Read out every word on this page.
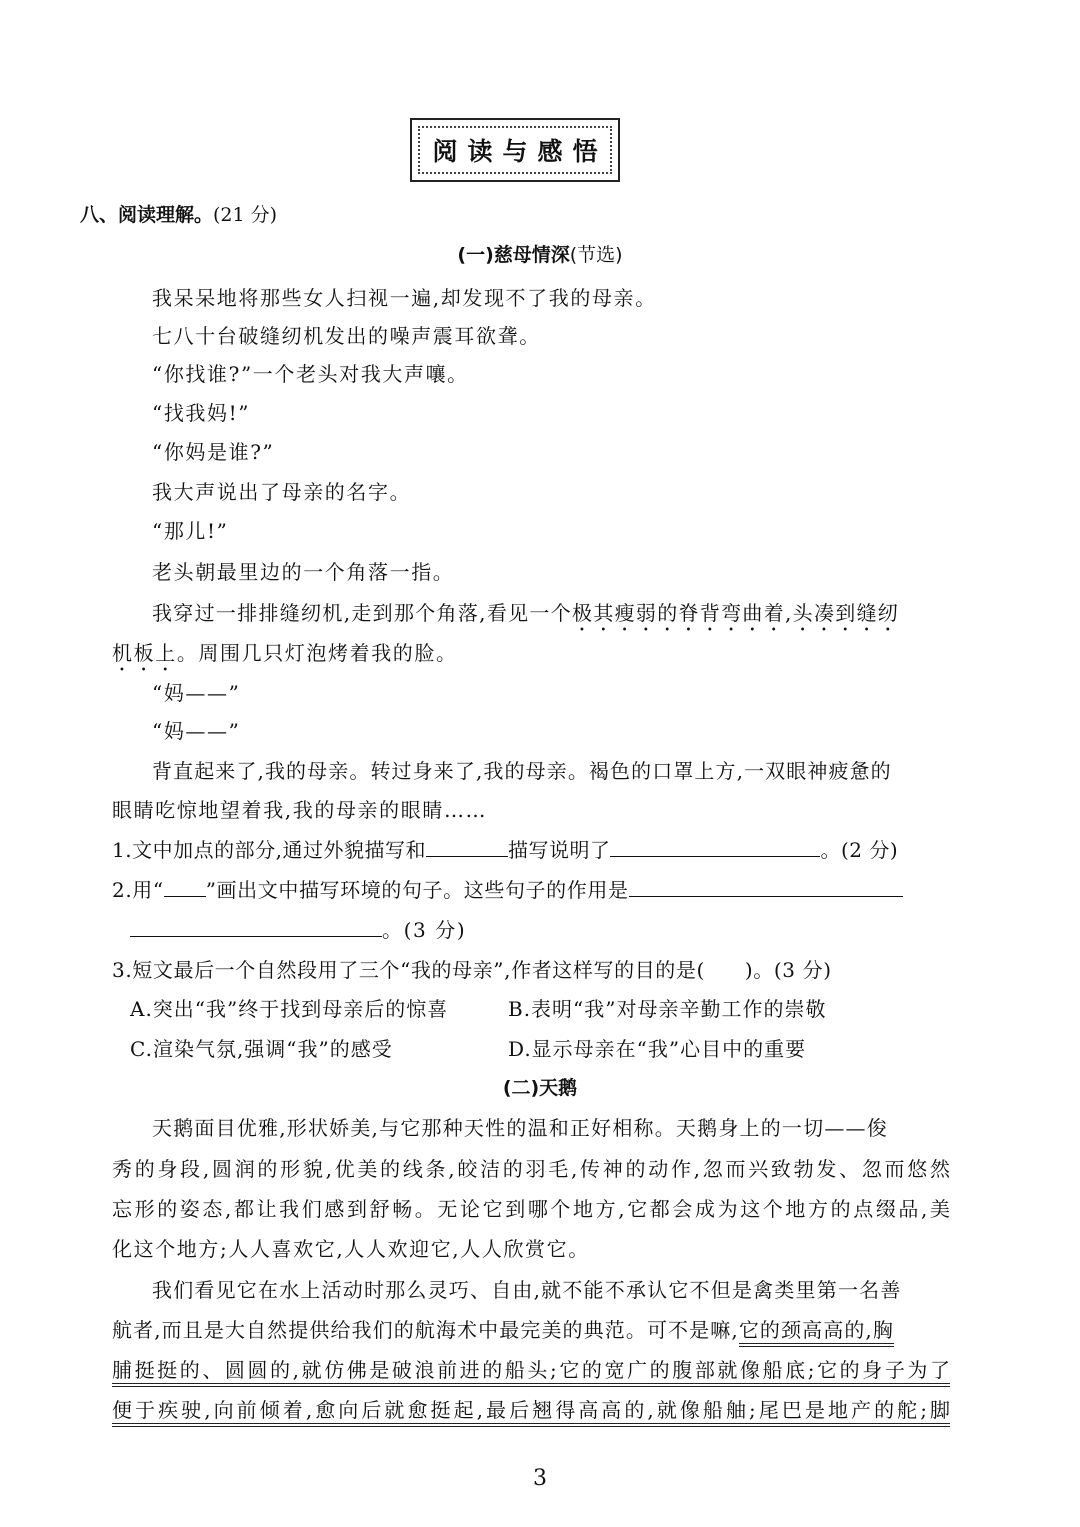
阅读与感悟
八、阅读理解。(21 分)
(一)慈母情深(节选)
我呆呆地将那些女人扫视一遍,却发现不了我的母亲。
七八十台破缝纫机发出的噪声震耳欲聋。
“你找谁?”一个老头对我大声嚷。
“找我妈!”
“你妈是谁?”
我大声说出了母亲的名字。
“那儿!”
老头朝最里边的一个角落一指。
我穿过一排排缝纫机,走到那个角落,看见一个极其瘦弱的脊背弯曲着,头凑到缝纫
机板上。周围几只灯泡烤着我的脸。
“妈——”
“妈——”
背直起来了,我的母亲。转过身来了,我的母亲。褐色的口罩上方,一双眼神疲惫的
眼睛吃惊地望着我,我的母亲的眼睛……
1.文中加点的部分,通过外貌描写和	描写说明了	。(2 分)
2.用“ ”画出文中描写环境的句子。这些句子的作用是
。(3 分)
3.短文最后一个自然段用了三个“我的母亲”,作者这样写的目的是( )。(3 分)
A.突出“我”终于找到母亲后的惊喜	B.表明“我”对母亲辛勤工作的崇敬
C.渲染气氛,强调“我”的感受	D.显示母亲在“我”心目中的重要
(二)天鹅
天鹅面目优雅,形状娇美,与它那种天性的温和正好相称。天鹅身上的一切——俊
秀的身段,圆润的形貌,优美的线条,皎洁的羽毛,传神的动作,忽而兴致勃发、忽而悠然
忘形的姿态,都让我们感到舒畅。无论它到哪个地方,它都会成为这个地方的点缀品,美
化这个地方;人人喜欢它,人人欢迎它,人人欣赏它。
我们看见它在水上活动时那么灵巧、自由,就不能不承认它不但是禽类里第一名善
航者,而且是大自然提供给我们的航海术中最完美的典范。可不是嘛,它的颈高高的,胸
脯挺挺的、圆圆的,就仿佛是破浪前进的船头;它的宽广的腹部就像船底;它的身子为了
便于疾驶,向前倾着,愈向后就愈挺起,最后翘得高高的,就像船舳;尾巴是地产的舵;脚
3
